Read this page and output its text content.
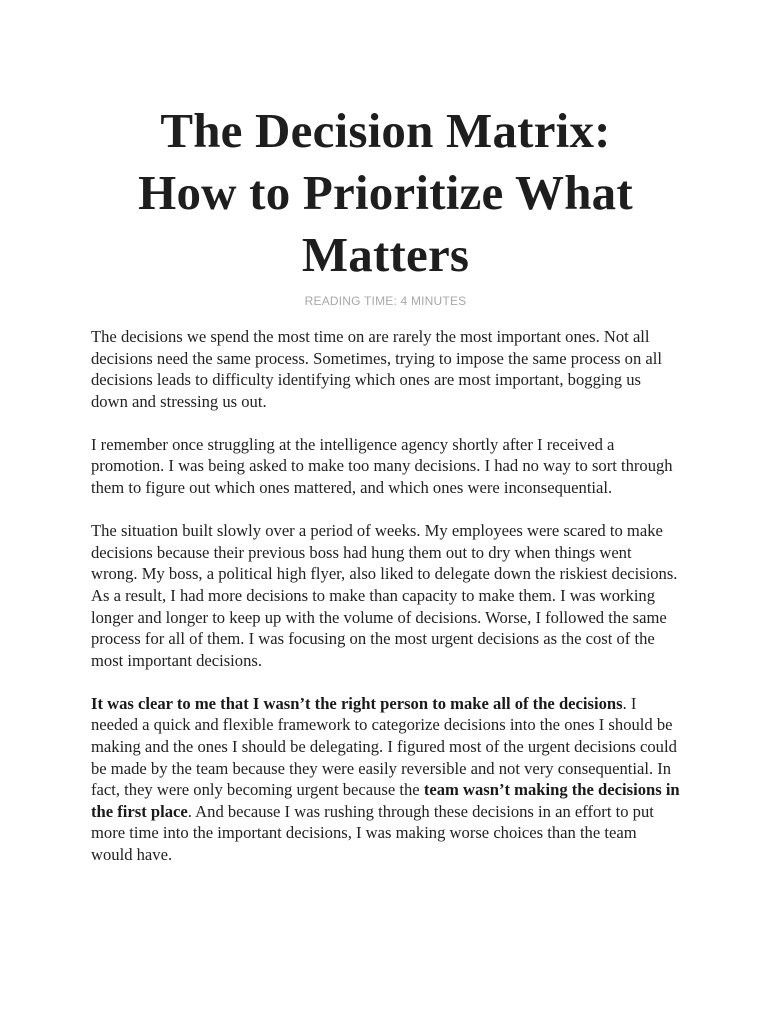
The Decision Matrix:
How to Prioritize What
Matters
READING TIME: 4 MINUTES

The decisions we spend the most time on are rarely the most important ones. Not all decisions need the same process. Sometimes, trying to impose the same process on all decisions leads to difficulty identifying which ones are most important, bogging us down and stressing us out.

I remember once struggling at the intelligence agency shortly after I received a promotion. I was being asked to make too many decisions. I had no way to sort through them to figure out which ones mattered, and which ones were inconsequential.

The situation built slowly over a period of weeks. My employees were scared to make decisions because their previous boss had hung them out to dry when things went wrong. My boss, a political high flyer, also liked to delegate down the riskiest decisions. As a result, I had more decisions to make than capacity to make them. I was working longer and longer to keep up with the volume of decisions. Worse, I followed the same process for all of them. I was focusing on the most urgent decisions as the cost of the most important decisions.

It was clear to me that I wasn’t the right person to make all of the decisions. I needed a quick and flexible framework to categorize decisions into the ones I should be making and the ones I should be delegating. I figured most of the urgent decisions could be made by the team because they were easily reversible and not very consequential. In fact, they were only becoming urgent because the team wasn’t making the decisions in the first place. And because I was rushing through these decisions in an effort to put more time into the important decisions, I was making worse choices than the team would have.
